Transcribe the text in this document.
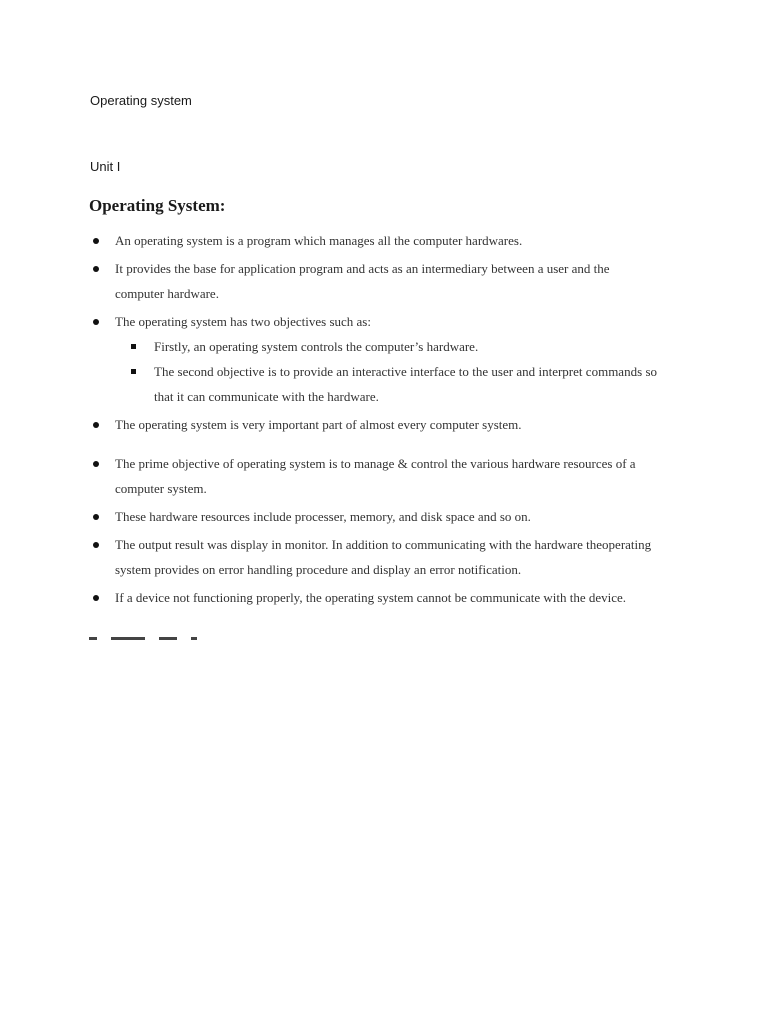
Operating system

Unit I

Operating System:
An operating system is a program which manages all the computer hardwares.
It provides the base for application program and acts as an intermediary between a user and the computer hardware.
The operating system has two objectives such as:
Firstly, an operating system controls the computer’s hardware.
The second objective is to provide an interactive interface to the user and interpret commands so that it can communicate with the hardware.
The operating system is very important part of almost every computer system.
The prime objective of operating system is to manage & control the various hardware resources of a computer system.
These hardware resources include processer, memory, and disk space and so on.
The output result was display in monitor. In addition to communicating with the hardware theoperating system provides on error handling procedure and display an error notification.
If a device not functioning properly, the operating system cannot be communicate with the device.
